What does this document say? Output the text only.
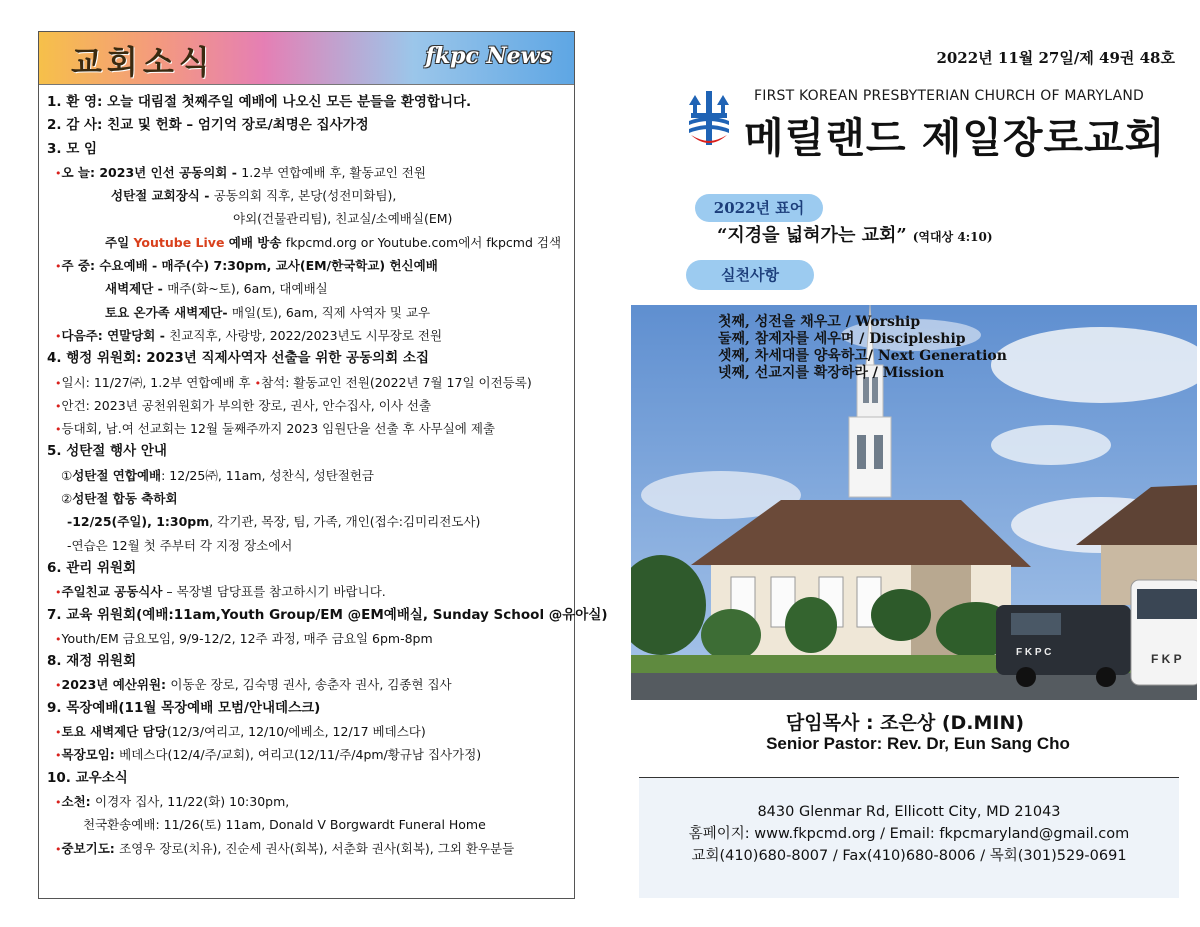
교회소식	fkpc News
1. 환 영: 오늘 대림절 첫째주일 예배에 나오신 모든 분들을 환영합니다.
2. 감 사: 친교 및 헌화 – 엄기억 장로/최명은 집사가정
3. 모 임
•오 늘: 2023년 인선 공동의회 - 1.2부 연합예배 후, 활동교인 전원
성탄절 교회장식 - 공동의회 직후, 본당(성전미화팀),
야외(건물관리팀), 친교실/소예배실(EM)
주일 Youtube Live 예배 방송 fkpcmd.org or Youtube.com에서 fkpcmd 검색
•주 중: 수요예배 - 매주(수) 7:30pm, 교사(EM/한국학교) 헌신예배
새벽제단 - 매주(화~토), 6am, 대예배실
토요 온가족 새벽제단- 매일(토), 6am, 직제 사역자 및 교우
•다음주: 연말당회 - 친교직후, 사랑방, 2022/2023년도 시무장로 전원
4. 행정 위원회: 2023년 직제사역자 선출을 위한 공동의회 소집
•일시: 11/27㈜, 1.2부 연합예배 후 •참석: 활동교인 전원(2022년 7월 17일 이전등록)
•안건: 2023년 공천위원회가 부의한 장로, 권사, 안수집사, 이사 선출
•등대회, 남.여 선교회는 12월 둘째주까지 2023 임원단을 선출 후 사무실에 제출
5. 성탄절 행사 안내
①성탄절 연합예배: 12/25㈜, 11am, 성찬식, 성탄절헌금
②성탄절 합동 축하회
-12/25(주일), 1:30pm, 각기관, 목장, 팀, 가족, 개인(접수:김미리전도사)
-연습은 12월 첫 주부터 각 지정 장소에서
6. 관리 위원회
•주일친교 공동식사 – 목장별 담당표를 참고하시기 바랍니다.
7. 교육 위원회(예배:11am,Youth Group/EM @EM예배실, Sunday School @유아실)
•Youth/EM 금요모임, 9/9-12/2, 12주 과정, 매주 금요일 6pm-8pm
8. 재정 위원회
•2023년 예산위원: 이동운 장로, 김숙명 권사, 송춘자 권사, 김종현 집사
9. 목장예배(11월 목장예배 모범/안내데스크)
•토요 새벽제단 담당(12/3/여리고, 12/10/에베소, 12/17 베데스다)
•목장모임: 베데스다(12/4/주/교회), 여리고(12/11/주/4pm/황규남 집사가정)
10. 교우소식
•소천: 이경자 집사, 11/22(화) 10:30pm,
천국환송예배: 11/26(토) 11am, Donald V Borgwardt Funeral Home
•중보기도: 조영우 장로(치유), 진순세 권사(회복), 서춘화 권사(회복), 그외 환우분들
2022년 11월 27일/제 49권 48호
FIRST KOREAN PRESBYTERIAN CHURCH OF MARYLAND
메릴랜드 제일장로교회
2022년 표어
“지경을 넓혀가는 교회” (역대상 4:10)
실천사항
F K P C	F K P
첫째, 성전을 채우고 / Worship
둘째, 참제자를 세우며 / Discipleship
셋째, 차세대를 양육하고/ Next Generation
넷째, 선교지를 확장하라 / Mission
담임목사 : 조은상 (D.MIN)
Senior Pastor: Rev. Dr, Eun Sang Cho
8430 Glenmar Rd, Ellicott City, MD 21043
홈페이지: www.fkpcmd.org / Email: fkpcmaryland@gmail.com
교회(410)680-8007 / Fax(410)680-8006 / 목회(301)529-0691
